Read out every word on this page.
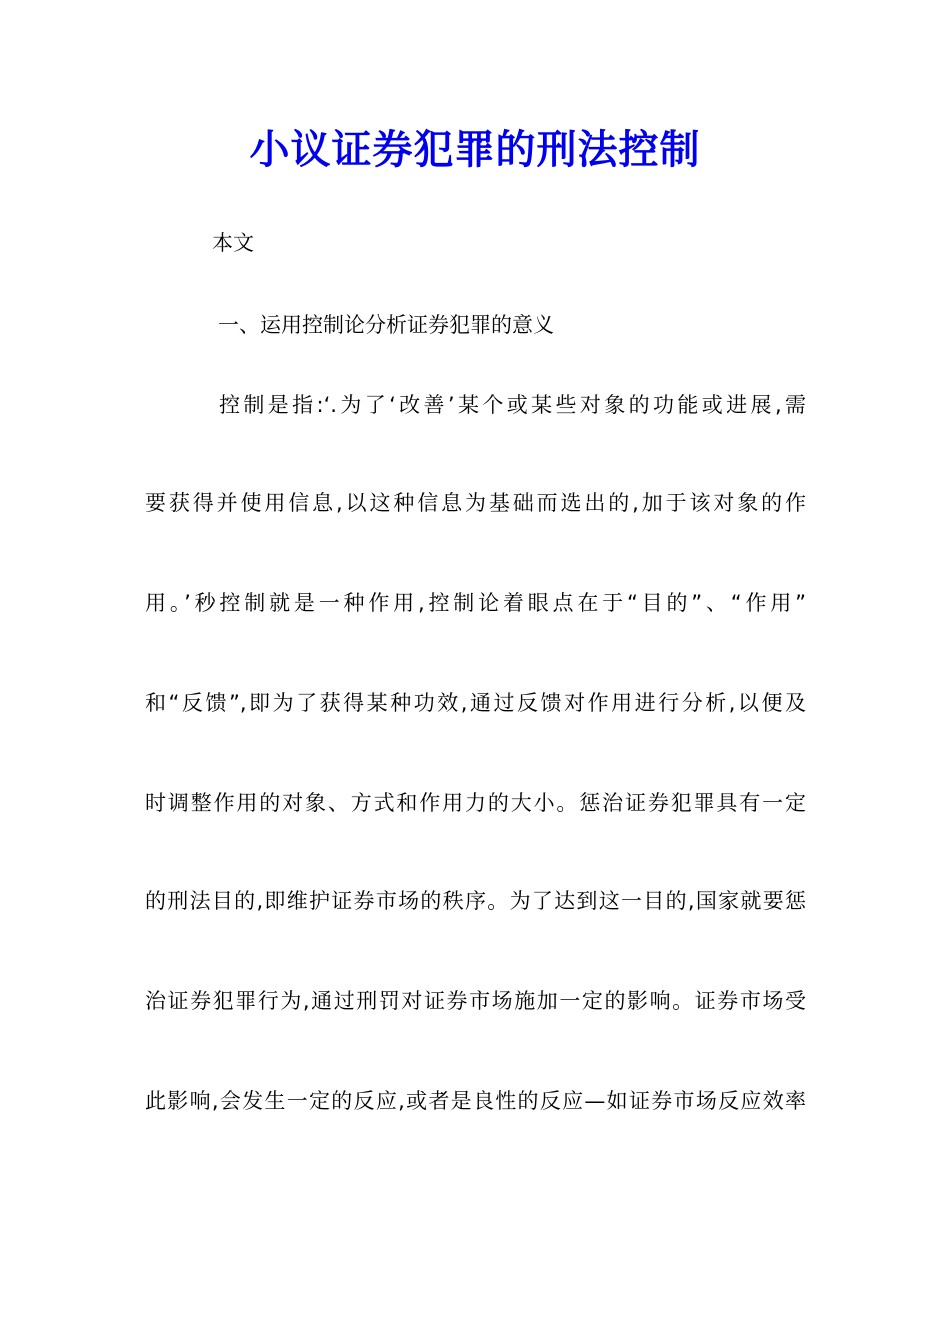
小议证券犯罪的刑法控制
本文
一、运用控制论分析证券犯罪的意义
控制是指:‘.为了‘改善’某个或某些对象的功能或进展,需
要获得并使用信息,以这种信息为基础而选出的,加于该对象的作
用。’秒控制就是一种作用,控制论着眼点在于“目的”、“作用”
和“反馈”,即为了获得某种功效,通过反馈对作用进行分析,以便及
时调整作用的对象、方式和作用力的大小。惩治证券犯罪具有一定
的刑法目的,即维护证券市场的秩序。为了达到这一目的,国家就要惩
治证券犯罪行为,通过刑罚对证券市场施加一定的影响。证券市场受
此影响,会发生一定的反应,或者是良性的反应—如证券市场反应效率
